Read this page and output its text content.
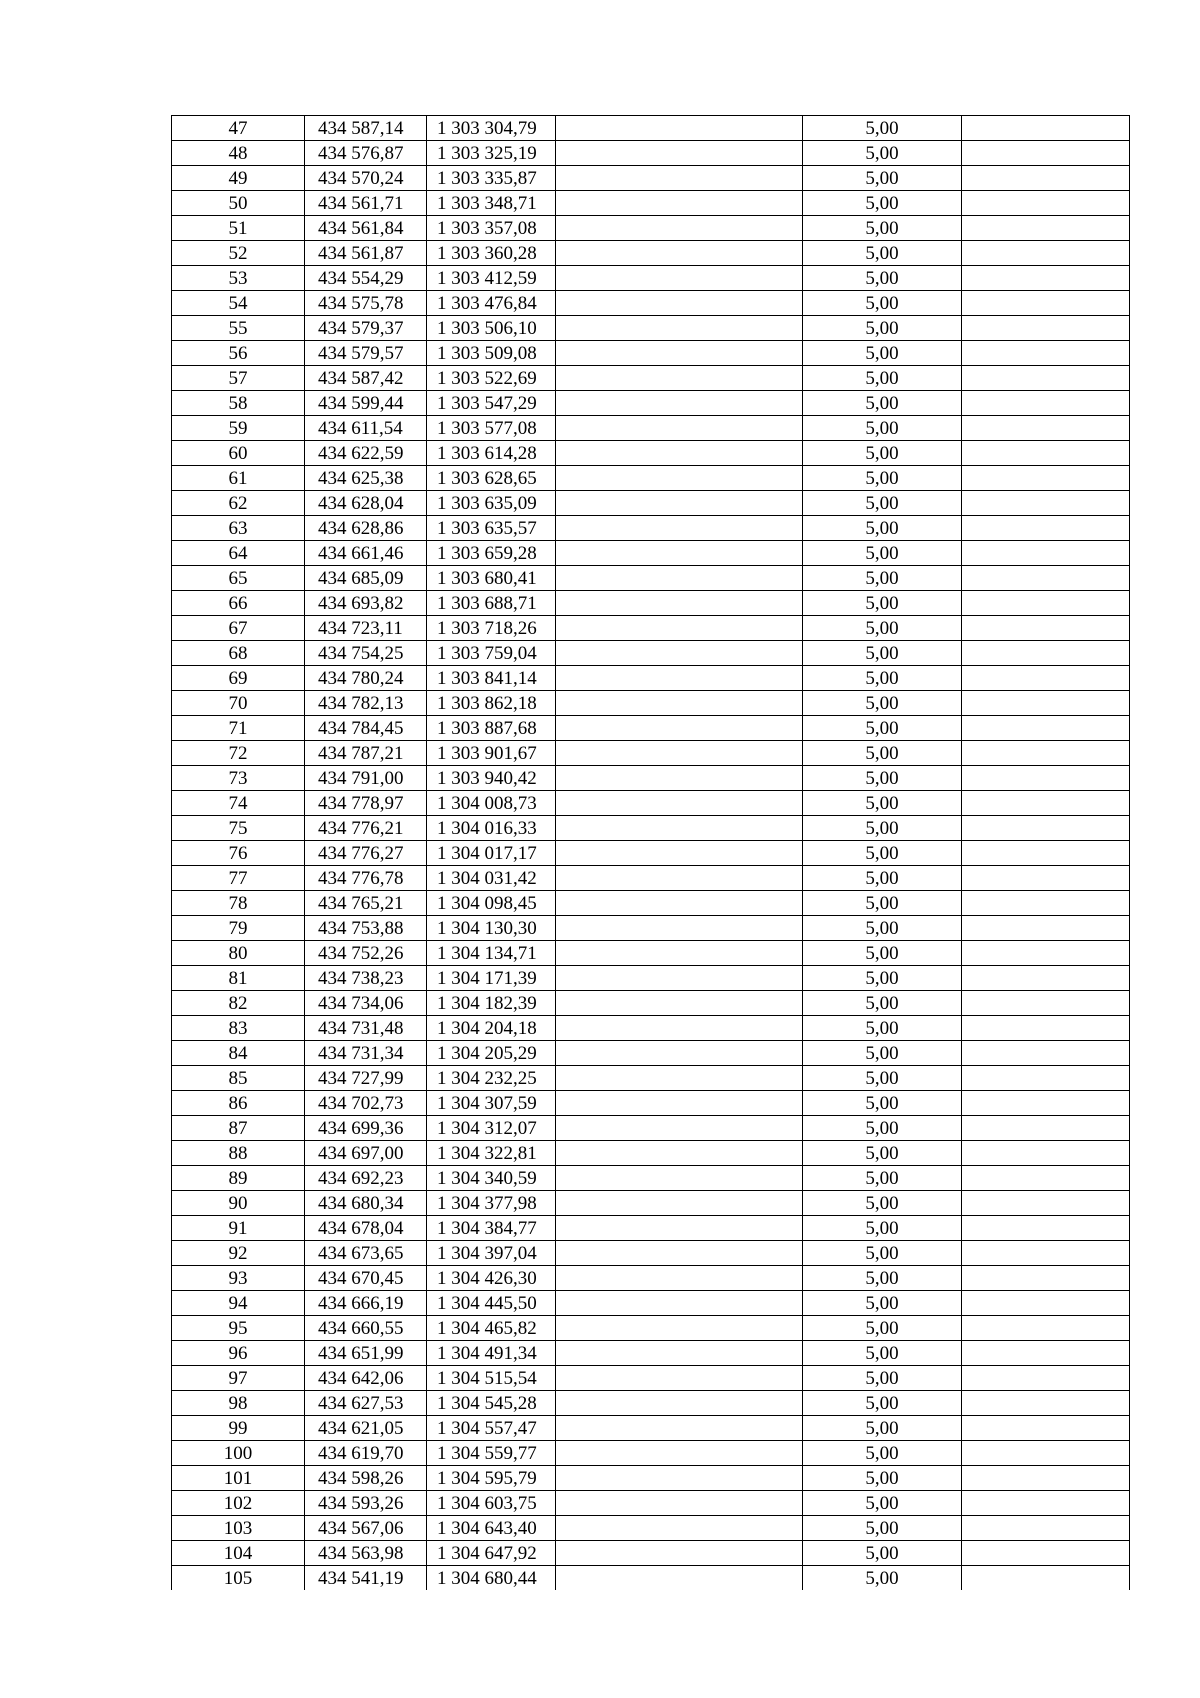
47	434 587,14	1 303 304,79		5,00	
48	434 576,87	1 303 325,19		5,00	
49	434 570,24	1 303 335,87		5,00	
50	434 561,71	1 303 348,71		5,00	
51	434 561,84	1 303 357,08		5,00	
52	434 561,87	1 303 360,28		5,00	
53	434 554,29	1 303 412,59		5,00	
54	434 575,78	1 303 476,84		5,00	
55	434 579,37	1 303 506,10		5,00	
56	434 579,57	1 303 509,08		5,00	
57	434 587,42	1 303 522,69		5,00	
58	434 599,44	1 303 547,29		5,00	
59	434 611,54	1 303 577,08		5,00	
60	434 622,59	1 303 614,28		5,00	
61	434 625,38	1 303 628,65		5,00	
62	434 628,04	1 303 635,09		5,00	
63	434 628,86	1 303 635,57		5,00	
64	434 661,46	1 303 659,28		5,00	
65	434 685,09	1 303 680,41		5,00	
66	434 693,82	1 303 688,71		5,00	
67	434 723,11	1 303 718,26		5,00	
68	434 754,25	1 303 759,04		5,00	
69	434 780,24	1 303 841,14		5,00	
70	434 782,13	1 303 862,18		5,00	
71	434 784,45	1 303 887,68		5,00	
72	434 787,21	1 303 901,67		5,00	
73	434 791,00	1 303 940,42		5,00	
74	434 778,97	1 304 008,73		5,00	
75	434 776,21	1 304 016,33		5,00	
76	434 776,27	1 304 017,17		5,00	
77	434 776,78	1 304 031,42		5,00	
78	434 765,21	1 304 098,45		5,00	
79	434 753,88	1 304 130,30		5,00	
80	434 752,26	1 304 134,71		5,00	
81	434 738,23	1 304 171,39		5,00	
82	434 734,06	1 304 182,39		5,00	
83	434 731,48	1 304 204,18		5,00	
84	434 731,34	1 304 205,29		5,00	
85	434 727,99	1 304 232,25		5,00	
86	434 702,73	1 304 307,59		5,00	
87	434 699,36	1 304 312,07		5,00	
88	434 697,00	1 304 322,81		5,00	
89	434 692,23	1 304 340,59		5,00	
90	434 680,34	1 304 377,98		5,00	
91	434 678,04	1 304 384,77		5,00	
92	434 673,65	1 304 397,04		5,00	
93	434 670,45	1 304 426,30		5,00	
94	434 666,19	1 304 445,50		5,00	
95	434 660,55	1 304 465,82		5,00	
96	434 651,99	1 304 491,34		5,00	
97	434 642,06	1 304 515,54		5,00	
98	434 627,53	1 304 545,28		5,00	
99	434 621,05	1 304 557,47		5,00	
100	434 619,70	1 304 559,77		5,00	
101	434 598,26	1 304 595,79		5,00	
102	434 593,26	1 304 603,75		5,00	
103	434 567,06	1 304 643,40		5,00	
104	434 563,98	1 304 647,92		5,00	
105	434 541,19	1 304 680,44		5,00	
